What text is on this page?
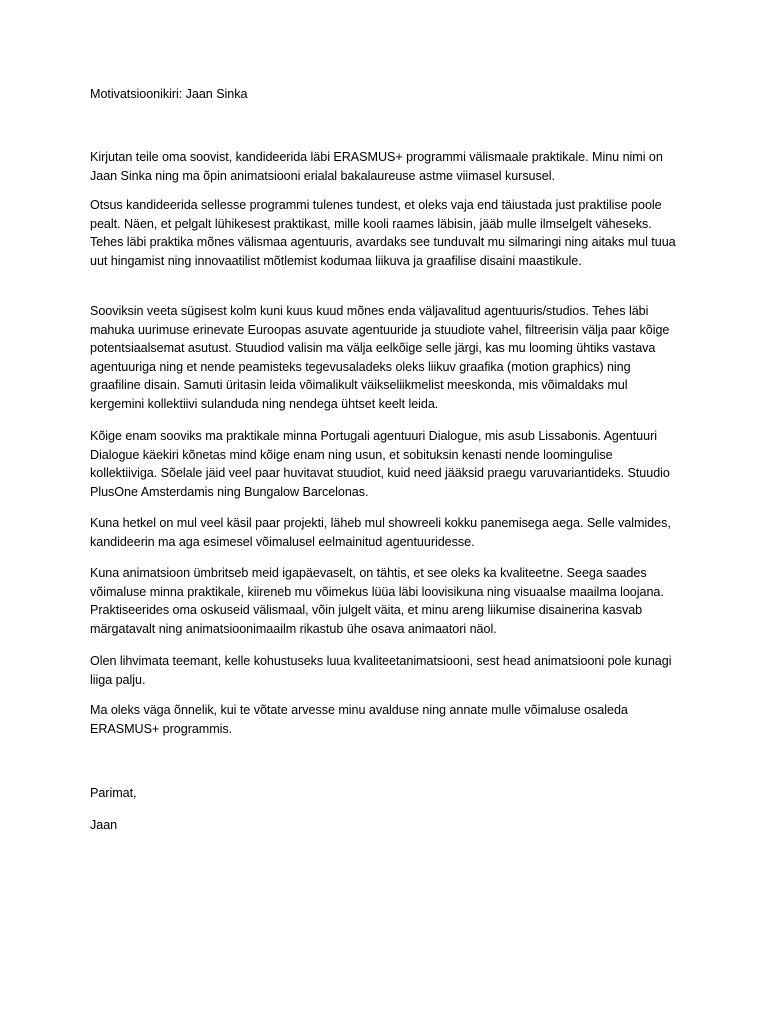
Motivatsioonikiri: Jaan Sinka

Kirjutan teile oma soovist, kandideerida läbi ERASMUS+ programmi välismaale praktikale. Minu nimi on Jaan Sinka ning ma õpin animatsiooni erialal bakalaureuse astme viimasel kursusel.

Otsus kandideerida sellesse programmi tulenes tundest, et oleks vaja end täiustada just praktilise poole pealt. Näen, et pelgalt lühikesest praktikast, mille kooli raames läbisin, jääb mulle ilmselgelt väheseks. Tehes läbi praktika mõnes välismaa agentuuris, avardaks see tunduvalt mu silmaringi ning aitaks mul tuua uut hingamist ning innovaatilist mõtlemist kodumaa liikuva ja graafilise disaini maastikule.

Sooviksin veeta sügisest kolm kuni kuus kuud mõnes enda väljavalitud agentuuris/studios. Tehes läbi mahuka uurimuse erinevate Euroopas asuvate agentuuride ja stuudiote vahel, filtreerisin välja paar kõige potentsiaalsemat asutust. Stuudiod valisin ma välja eelkõige selle järgi, kas mu looming ühtiks vastava agentuuriga ning et nende peamisteks tegevusaladeks oleks liikuv graafika (motion graphics) ning graafiline disain. Samuti üritasin leida võimalikult väikseliikmelist meeskonda, mis võimaldaks mul kergemini kollektiivi sulanduda ning nendega ühtset keelt leida.

Kõige enam sooviks ma praktikale minna Portugali agentuuri Dialogue, mis asub Lissabonis. Agentuuri Dialogue käekiri kõnetas mind kõige enam ning usun, et sobituksin kenasti nende loomingulise kollektiiviga. Sõelale jäid veel paar huvitavat stuudiot, kuid need jääksid praegu varuvariantideks. Stuudio PlusOne Amsterdamis ning Bungalow Barcelonas.

Kuna hetkel on mul veel käsil paar projekti, läheb mul showreeli kokku panemisega aega. Selle valmides, kandideerin ma aga esimesel võimalusel eelmainitud agentuuridesse.

Kuna animatsioon ümbritseb meid igapäevaselt, on tähtis, et see oleks ka kvaliteetne. Seega saades võimaluse minna praktikale, kiireneb mu võimekus lüüa läbi loovisikuna ning visuaalse maailma loojana. Praktiseerides oma oskuseid välismaal, võin julgelt väita, et minu areng liikumise disainerina kasvab märgatavalt ning animatsioonimaailm rikastub ühe osava animaatori näol.

Olen lihvimata teemant, kelle kohustuseks luua kvaliteetanimatsiooni, sest head animatsiooni pole kunagi liiga palju.

Ma oleks väga õnnelik, kui te võtate arvesse minu avalduse ning annate mulle võimaluse osaleda ERASMUS+ programmis.

Parimat,

Jaan
